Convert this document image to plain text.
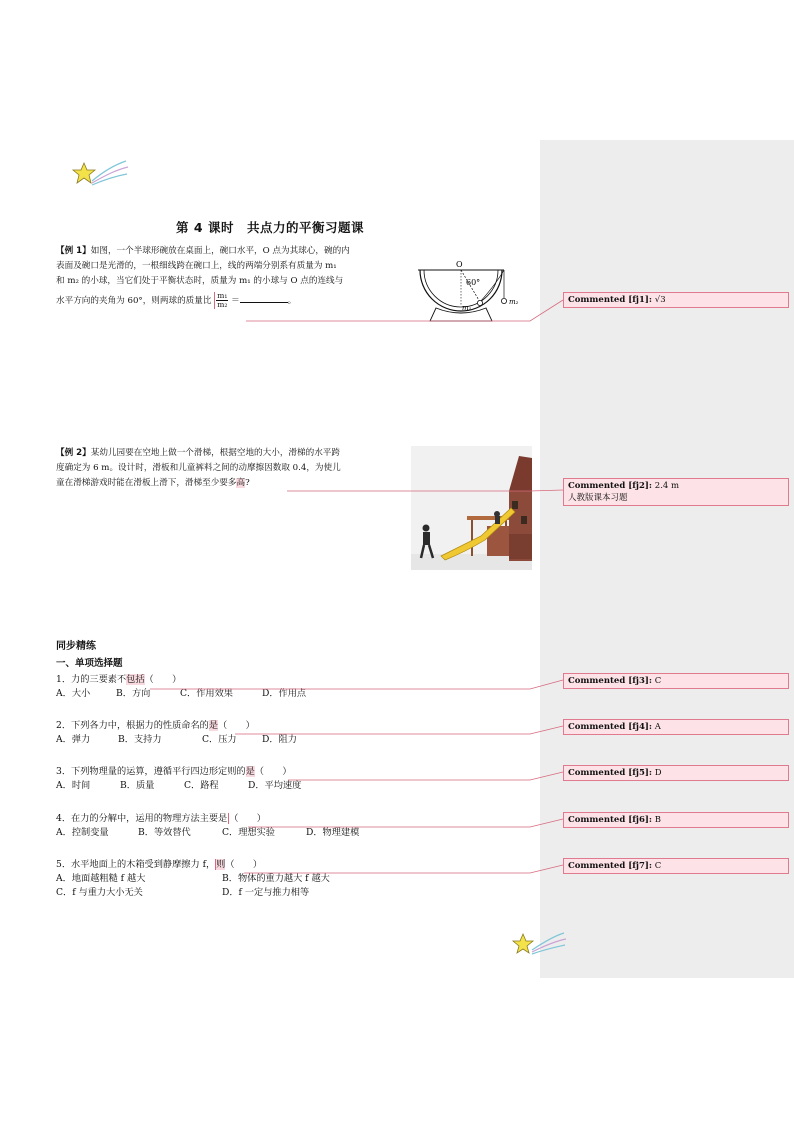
第 4 课时　共点力的平衡习题课
【例 1】如图，一个半球形碗放在桌面上，碗口水平，O 点为其球心，碗的内
表面及碗口是光滑的，一根细线跨在碗口上，线的两端分别系有质量为 m₁
和 m₂ 的小球，当它们处于平衡状态时，质量为 m₁ 的小球与 O 点的连线与
水平方向的夹角为 60°，则两球的质量比 $\frac{\text{m₁}}{\text{m₂}}$ ＝	。
O
60°
m₁
m₂
【例 2】某幼儿园要在空地上做一个滑梯，根据空地的大小，滑梯的水平跨
度确定为 6 m。设计时，滑板和儿童裤料之间的动摩擦因数取 0.4，为使儿
童在滑梯游戏时能在滑板上滑下，滑梯至少要多高?
同步精练
一、单项选择题
1．力的三要素不包括（　　）
A．大小	B．方向	C．作用效果	D．作用点
2．下列各力中，根据力的性质命名的是（　　）
A．弹力	B．支持力	C．压力	D．阻力
3．下列物理量的运算，遵循平行四边形定则的是（　　）
A．时间	B．质量	C．路程	D．平均速度
4．在力的分解中，运用的物理方法主要是 （　　）
A．控制变量	B．等效替代	C．理想实验	D．物理建模
5．水平地面上的木箱受到静摩擦力 f，则（　　）
A．地面越粗糙 f 越大	B．物体的重力越大 f 越大
C．f 与重力大小无关	D．f 一定与推力相等
Commented [fj1]: √3
Commented [fj2]: 2.4 m
人教版课本习题
Commented [fj3]: C
Commented [fj4]: A
Commented [fj5]: D
Commented [fj6]: B
Commented [fj7]: C
